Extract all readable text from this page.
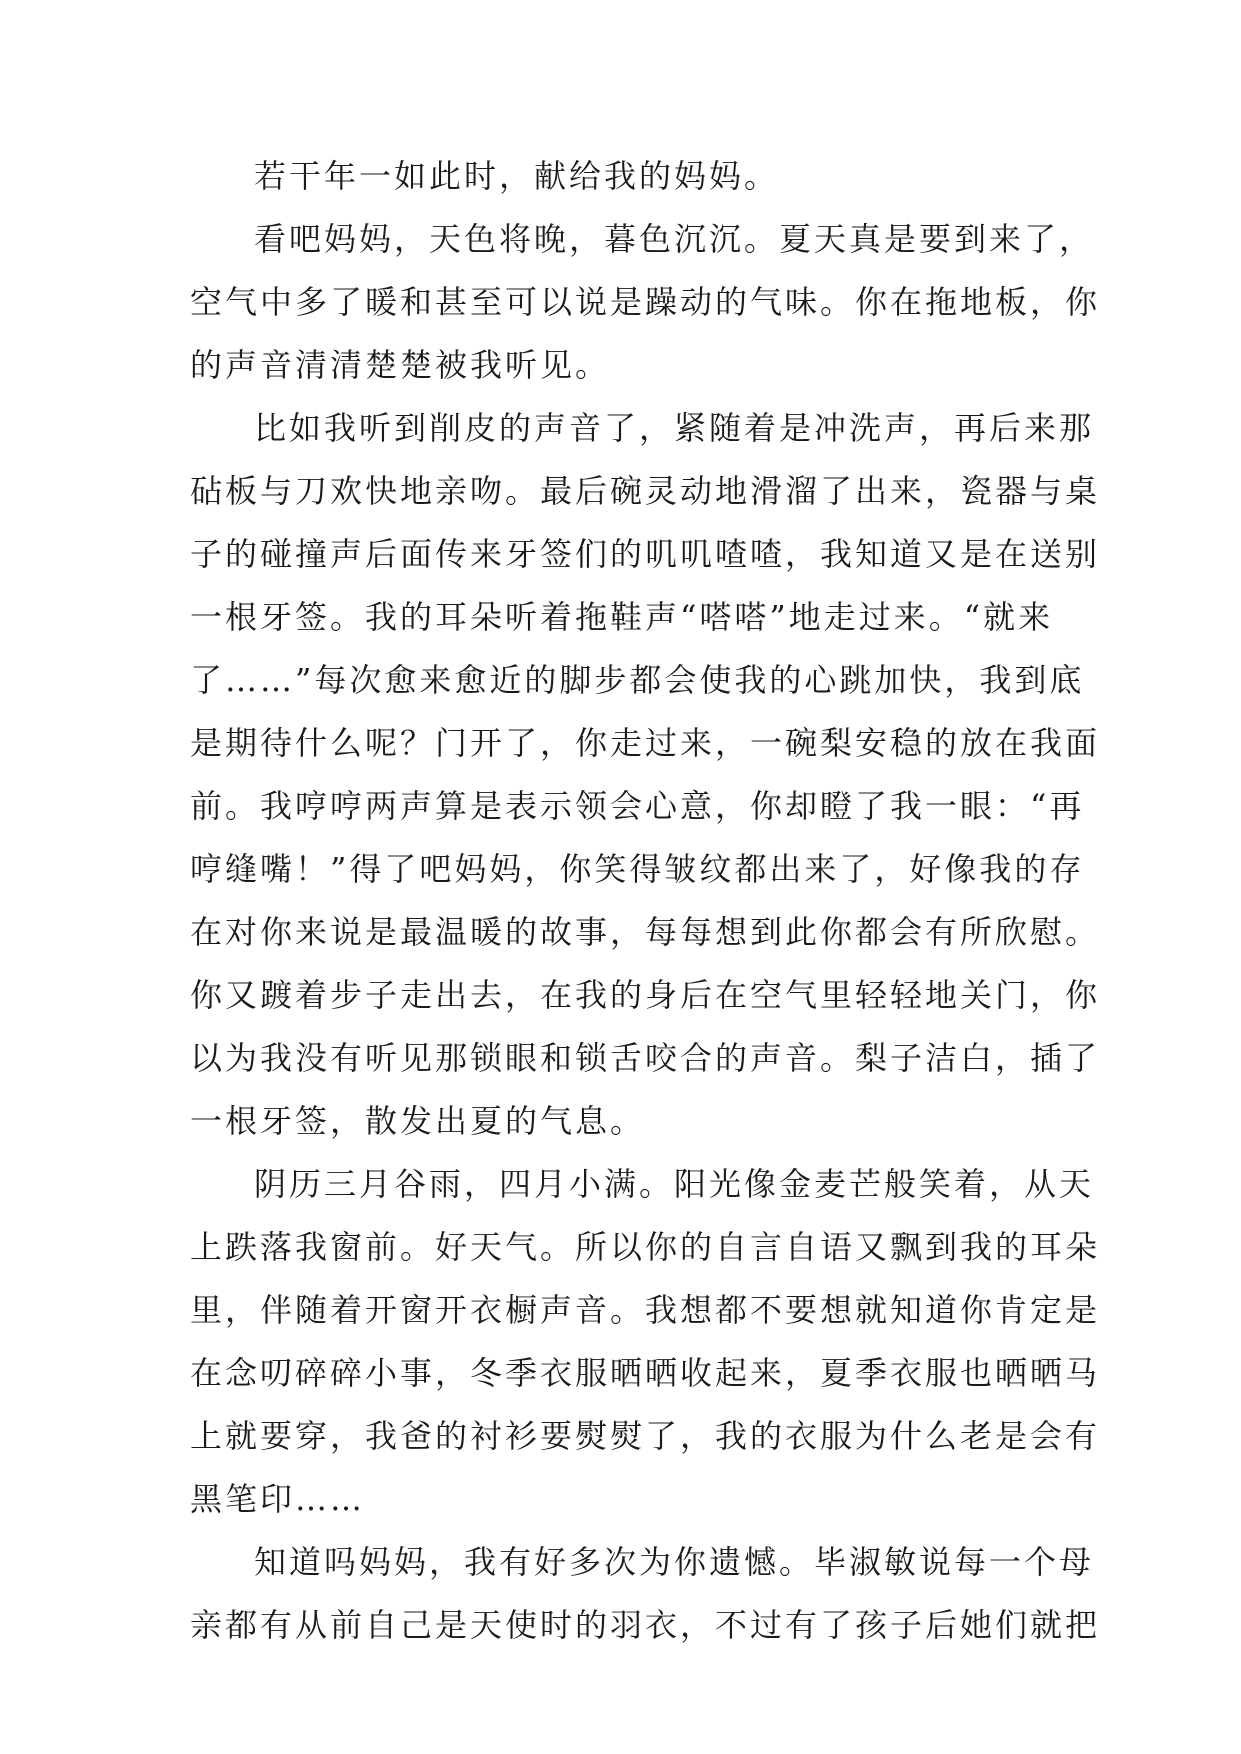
若干年一如此时，献给我的妈妈。
看吧妈妈，天色将晚，暮色沉沉。夏天真是要到来了，
空气中多了暖和甚至可以说是躁动的气味。你在拖地板，你
的声音清清楚楚被我听见。
比如我听到削皮的声音了，紧随着是冲洗声，再后来那
砧板与刀欢快地亲吻。最后碗灵动地滑溜了出来，瓷器与桌
子的碰撞声后面传来牙签们的叽叽喳喳，我知道又是在送别
一根牙签。我的耳朵听着拖鞋声“嗒嗒”地走过来。“就来
了……”每次愈来愈近的脚步都会使我的心跳加快，我到底
是期待什么呢？门开了，你走过来，一碗梨安稳的放在我面
前。我哼哼两声算是表示领会心意，你却瞪了我一眼：“再
哼缝嘴！”得了吧妈妈，你笑得皱纹都出来了，好像我的存
在对你来说是最温暖的故事，每每想到此你都会有所欣慰。
你又踱着步子走出去，在我的身后在空气里轻轻地关门，你
以为我没有听见那锁眼和锁舌咬合的声音。梨子洁白，插了
一根牙签，散发出夏的气息。
阴历三月谷雨，四月小满。阳光像金麦芒般笑着，从天
上跌落我窗前。好天气。所以你的自言自语又飘到我的耳朵
里，伴随着开窗开衣橱声音。我想都不要想就知道你肯定是
在念叨碎碎小事，冬季衣服晒晒收起来，夏季衣服也晒晒马
上就要穿，我爸的衬衫要熨熨了，我的衣服为什么老是会有
黑笔印……
知道吗妈妈，我有好多次为你遗憾。毕淑敏说每一个母
亲都有从前自己是天使时的羽衣，不过有了孩子后她们就把
